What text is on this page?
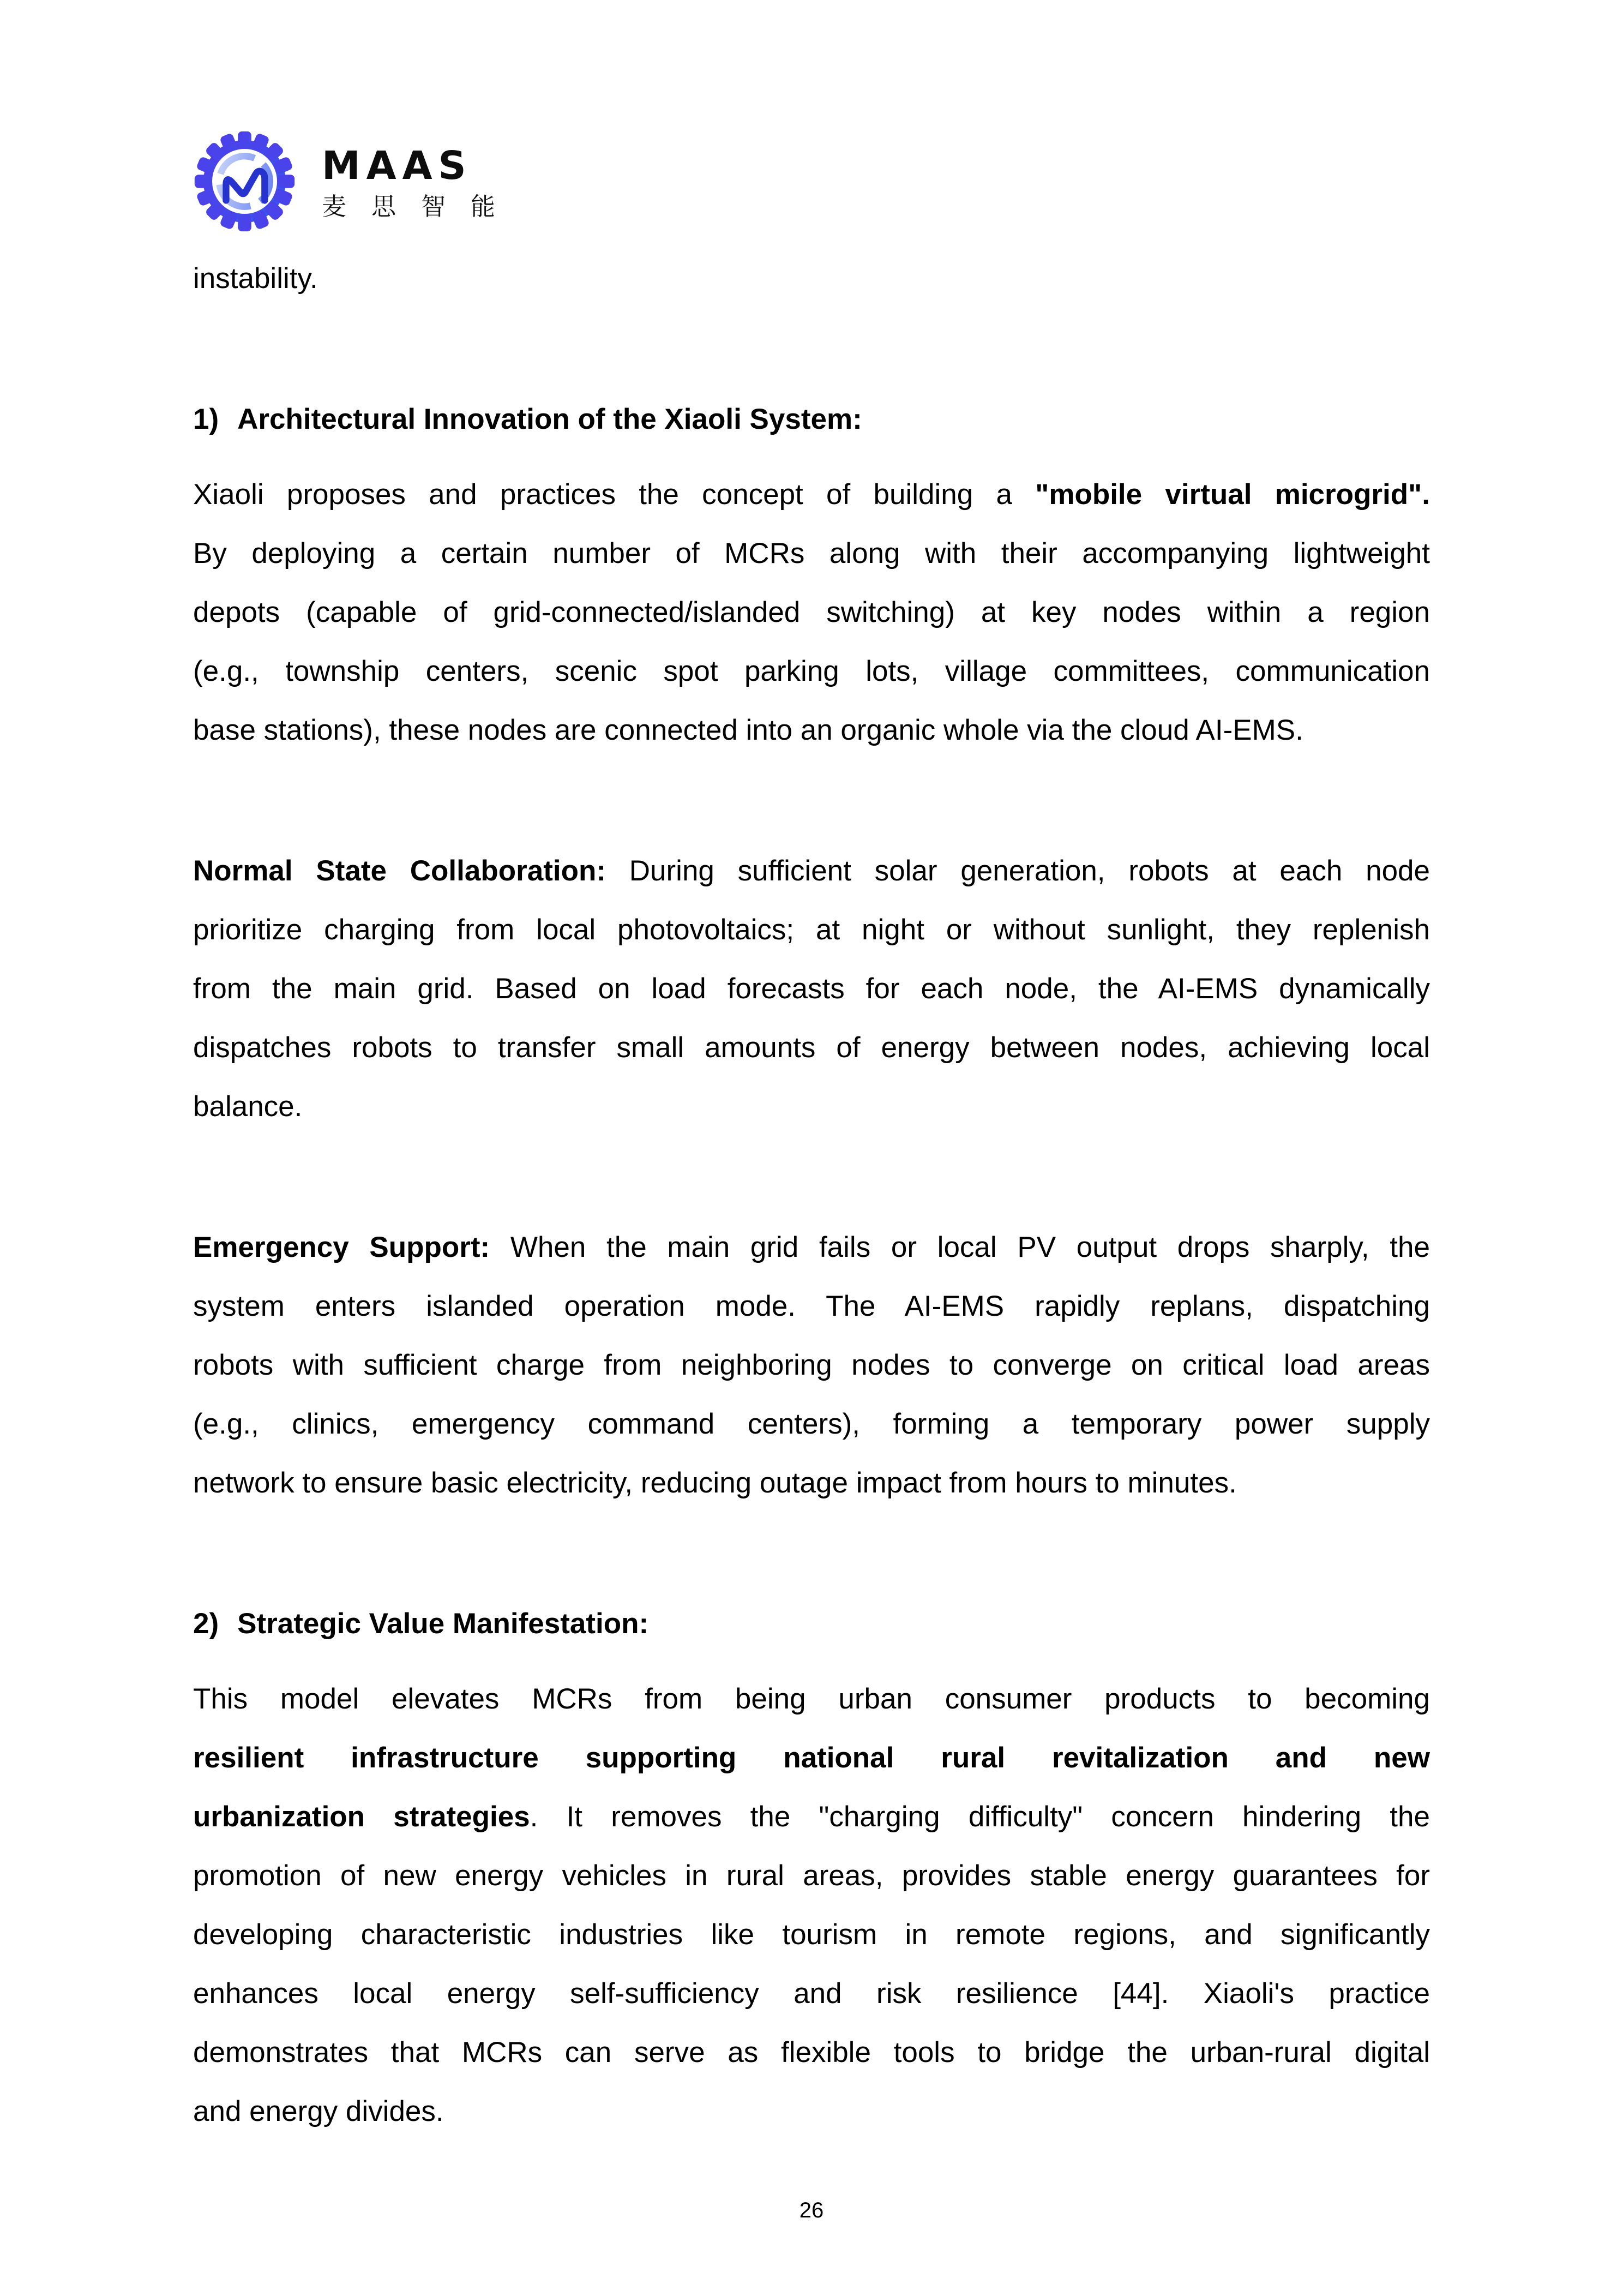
MAAS
麦 思 智 能
instability.
1) Architectural Innovation of the Xiaoli System:
Xiaoli proposes and practices the concept of building a "mobile virtual microgrid".
By deploying a certain number of MCRs along with their accompanying lightweight
depots (capable of grid-connected/islanded switching) at key nodes within a region
(e.g., township centers, scenic spot parking lots, village committees, communication
base stations), these nodes are connected into an organic whole via the cloud AI-EMS.
Normal State Collaboration: During sufficient solar generation, robots at each node
prioritize charging from local photovoltaics; at night or without sunlight, they replenish
from the main grid. Based on load forecasts for each node, the AI-EMS dynamically
dispatches robots to transfer small amounts of energy between nodes, achieving local
balance.
Emergency Support: When the main grid fails or local PV output drops sharply, the
system enters islanded operation mode. The AI-EMS rapidly replans, dispatching
robots with sufficient charge from neighboring nodes to converge on critical load areas
(e.g., clinics, emergency command centers), forming a temporary power supply
network to ensure basic electricity, reducing outage impact from hours to minutes.
2) Strategic Value Manifestation:
This model elevates MCRs from being urban consumer products to becoming
resilient infrastructure supporting national rural revitalization and new
urbanization strategies. It removes the "charging difficulty" concern hindering the
promotion of new energy vehicles in rural areas, provides stable energy guarantees for
developing characteristic industries like tourism in remote regions, and significantly
enhances local energy self-sufficiency and risk resilience [44]. Xiaoli's practice
demonstrates that MCRs can serve as flexible tools to bridge the urban-rural digital
and energy divides.
26
